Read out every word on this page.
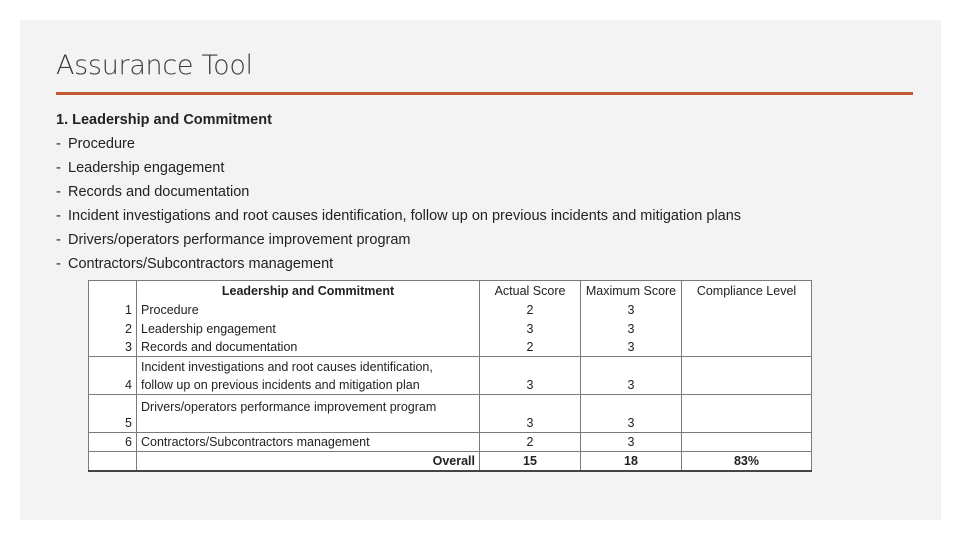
Assurance Tool
1. Leadership and Commitment
- Procedure
- Leadership engagement
- Records and documentation
- Incident investigations and root causes identification, follow up on previous incidents and mitigation plans
- Drivers/operators performance improvement program
- Contractors/Subcontractors management
	Leadership and Commitment	Actual Score	Maximum Score	Compliance Level
1	Procedure	2	3	
2	Leadership engagement	3	3	
3	Records and documentation	2	3	
4	Incident investigations and root causes identification,
follow up on previous incidents and mitigation plan	3	3	
5	Drivers/operators performance improvement program	3	3	
6	Contractors/Subcontractors management	2	3	
	Overall	15	18	83%
